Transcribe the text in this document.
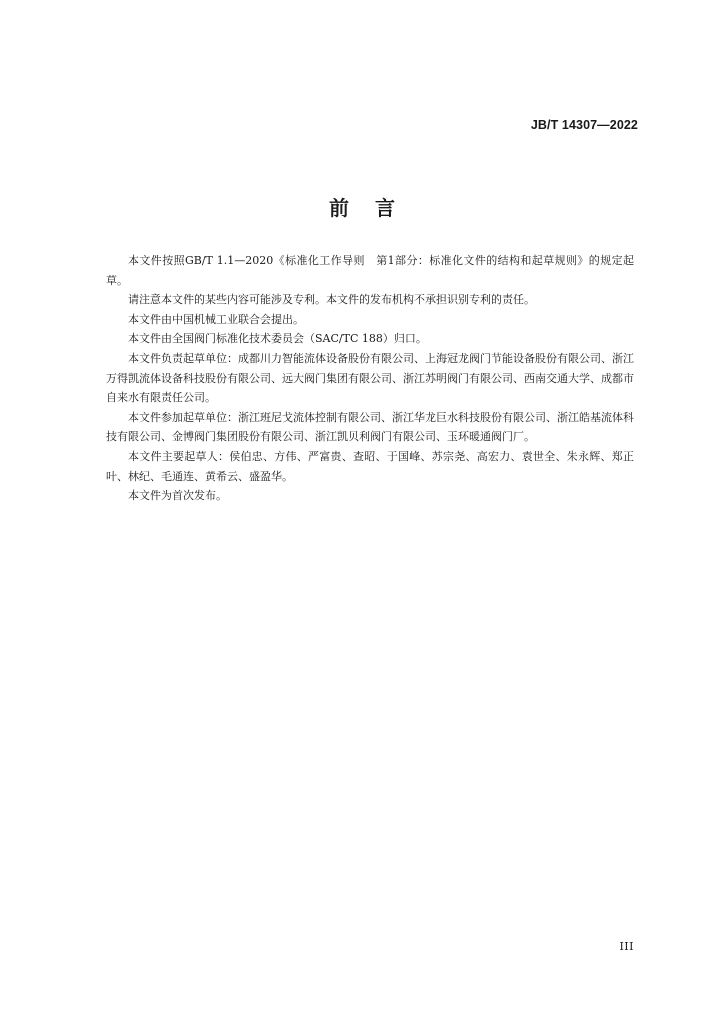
JB/T 14307—2022
前言

本文件按照GB/T 1.1—2020《标准化工作导则　第1部分：标准化文件的结构和起草规则》的规定起草。

请注意本文件的某些内容可能涉及专利。本文件的发布机构不承担识别专利的责任。

本文件由中国机械工业联合会提出。

本文件由全国阀门标准化技术委员会（SAC/TC 188）归口。

本文件负责起草单位：成都川力智能流体设备股份有限公司、上海冠龙阀门节能设备股份有限公司、浙江万得凯流体设备科技股份有限公司、远大阀门集团有限公司、浙江苏明阀门有限公司、西南交通大学、成都市自来水有限责任公司。

本文件参加起草单位：浙江班尼戈流体控制有限公司、浙江华龙巨水科技股份有限公司、浙江皓基流体科技有限公司、金博阀门集团股份有限公司、浙江凯贝利阀门有限公司、玉环暖通阀门厂。

本文件主要起草人：侯伯忠、方伟、严富贵、查昭、于国峰、苏宗尧、高宏力、袁世全、朱永辉、郑正叶、林纪、毛通连、黄希云、盛盈华。

本文件为首次发布。

III
